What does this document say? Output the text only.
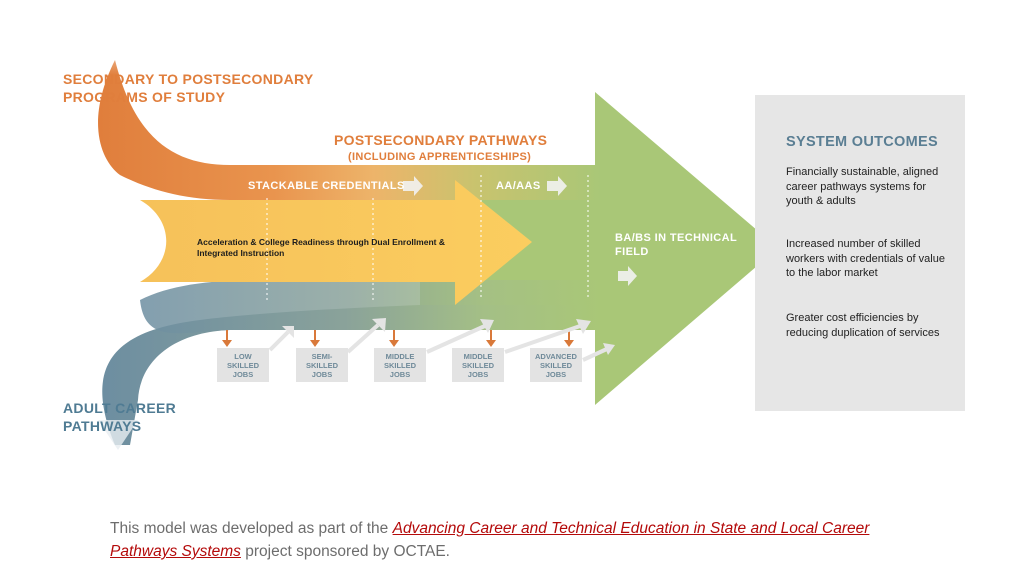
SECONDARY TO POSTSECONDARY
PROGRAMS OF STUDY
POSTSECONDARY PATHWAYS
(INCLUDING APPRENTICESHIPS)
STACKABLE CREDENTIALS	AA/AAS
BA/BS IN TECHNICAL
FIELD
Acceleration & College Readiness through Dual Enrollment &
Integrated Instruction
ADULT CAREER
PATHWAYS
LOW
SKILLED
JOBS
SEMI-
SKILLED
JOBS
MIDDLE
SKILLED
JOBS
MIDDLE
SKILLED
JOBS
ADVANCED
SKILLED
JOBS
SYSTEM OUTCOMES
Financially sustainable, aligned career pathways systems for youth & adults
Increased number of skilled workers with credentials of value to the labor market
Greater cost efficiencies by reducing duplication of services
This model was developed as part of the Advancing Career and Technical Education in State and Local Career Pathways Systems project sponsored by OCTAE.
